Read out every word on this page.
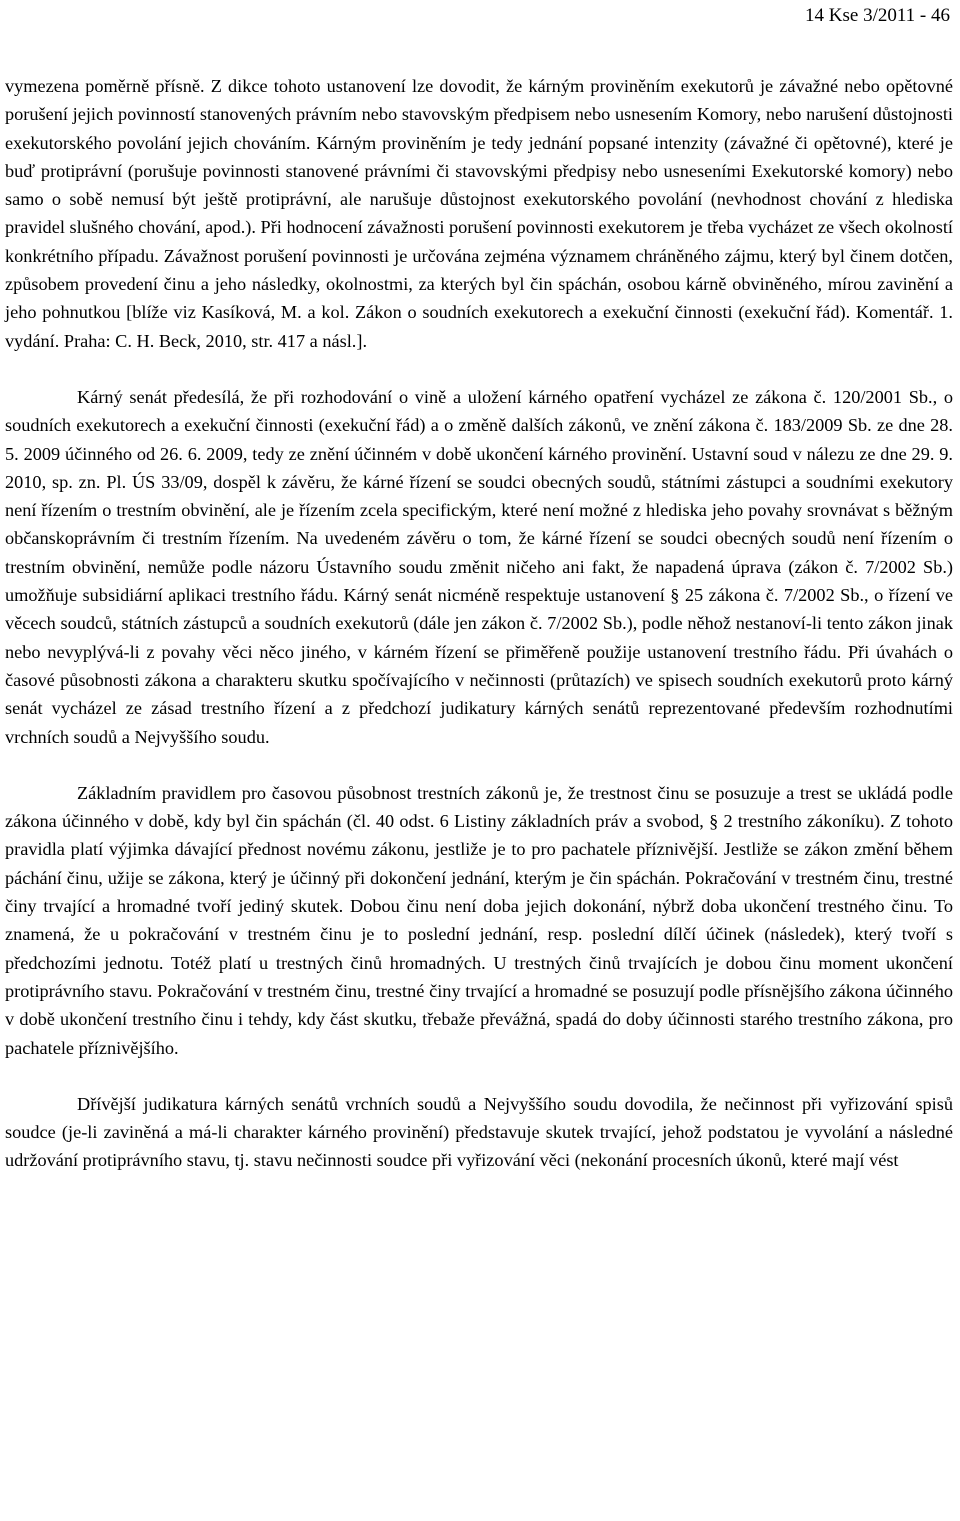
14 Kse 3/2011 - 46

vymezena poměrně přísně. Z dikce tohoto ustanovení lze dovodit, že kárným proviněním exekutorů je závažné nebo opětovné porušení jejich povinností stanovených právním nebo stavovským předpisem nebo usnesením Komory, nebo narušení důstojnosti exekutorského povolání jejich chováním. Kárným proviněním je tedy jednání popsané intenzity (závažné či opětovné), které je buď protiprávní (porušuje povinnosti stanovené právními či stavovskými předpisy nebo usneseními Exekutorské komory) nebo samo o sobě nemusí být ještě protiprávní, ale narušuje důstojnost exekutorského povolání (nevhodnost chování z hlediska pravidel slušného chování, apod.). Při hodnocení závažnosti porušení povinnosti exekutorem je třeba vycházet ze všech okolností konkrétního případu. Závažnost porušení povinnosti je určována zejména významem chráněného zájmu, který byl činem dotčen, způsobem provedení činu a jeho následky, okolnostmi, za kterých byl čin spáchán, osobou kárně obviněného, mírou zavinění a jeho pohnutkou [blíže viz Kasíková, M. a kol. Zákon o soudních exekutorech a exekuční činnosti (exekuční řád). Komentář. 1. vydání. Praha: C. H. Beck, 2010, str. 417 a násl.].

Kárný senát předesílá, že při rozhodování o vině a uložení kárného opatření vycházel ze zákona č. 120/2001 Sb., o soudních exekutorech a exekuční činnosti (exekuční řád) a o změně dalších zákonů, ve znění zákona č. 183/2009 Sb. ze dne 28. 5. 2009 účinného od 26. 6. 2009, tedy ze znění účinném v době ukončení kárného provinění. Ustavní soud v nálezu ze dne 29. 9. 2010, sp. zn. Pl. ÚS 33/09, dospěl k závěru, že kárné řízení se soudci obecných soudů, státními zástupci a soudními exekutory není řízením o trestním obvinění, ale je řízením zcela specifickým, které není možné z hlediska jeho povahy srovnávat s běžným občanskoprávním či trestním řízením. Na uvedeném závěru o tom, že kárné řízení se soudci obecných soudů není řízením o trestním obvinění, nemůže podle názoru Ústavního soudu změnit ničeho ani fakt, že napadená úprava (zákon č. 7/2002 Sb.) umožňuje subsidiární aplikaci trestního řádu. Kárný senát nicméně respektuje ustanovení § 25 zákona č. 7/2002 Sb., o řízení ve věcech soudců, státních zástupců a soudních exekutorů (dále jen zákon č. 7/2002 Sb.), podle něhož nestanoví-li tento zákon jinak nebo nevyplývá-li z povahy věci něco jiného, v kárném řízení se přiměřeně použije ustanovení trestního řádu. Při úvahách o časové působnosti zákona a charakteru skutku spočívajícího v nečinnosti (průtazích) ve spisech soudních exekutorů proto kárný senát vycházel ze zásad trestního řízení a z předchozí judikatury kárných senátů reprezentované především rozhodnutími vrchních soudů a Nejvyššího soudu.

Základním pravidlem pro časovou působnost trestních zákonů je, že trestnost činu se posuzuje a trest se ukládá podle zákona účinného v době, kdy byl čin spáchán (čl. 40 odst. 6 Listiny základních práv a svobod, § 2 trestního zákoníku). Z tohoto pravidla platí výjimka dávající přednost novému zákonu, jestliže je to pro pachatele příznivější. Jestliže se zákon změní během páchání činu, užije se zákona, který je účinný při dokončení jednání, kterým je čin spáchán. Pokračování v trestném činu, trestné činy trvající a hromadné tvoří jediný skutek. Dobou činu není doba jejich dokonání, nýbrž doba ukončení trestného činu. To znamená, že u pokračování v trestném činu je to poslední jednání, resp. poslední dílčí účinek (následek), který tvoří s předchozími jednotu. Totéž platí u trestných činů hromadných. U trestných činů trvajících je dobou činu moment ukončení protiprávního stavu. Pokračování v trestném činu, trestné činy trvající a hromadné se posuzují podle přísnějšího zákona účinného v době ukončení trestního činu i tehdy, kdy část skutku, třebaže převážná, spadá do doby účinnosti starého trestního zákona, pro pachatele příznivějšího.

Dřívější judikatura kárných senátů vrchních soudů a Nejvyššího soudu dovodila, že nečinnost při vyřizování spisů soudce (je-li zaviněná a má-li charakter kárného provinění) představuje skutek trvající, jehož podstatou je vyvolání a následné udržování protiprávního stavu, tj. stavu nečinnosti soudce při vyřizování věci (nekonání procesních úkonů, které mají vést
